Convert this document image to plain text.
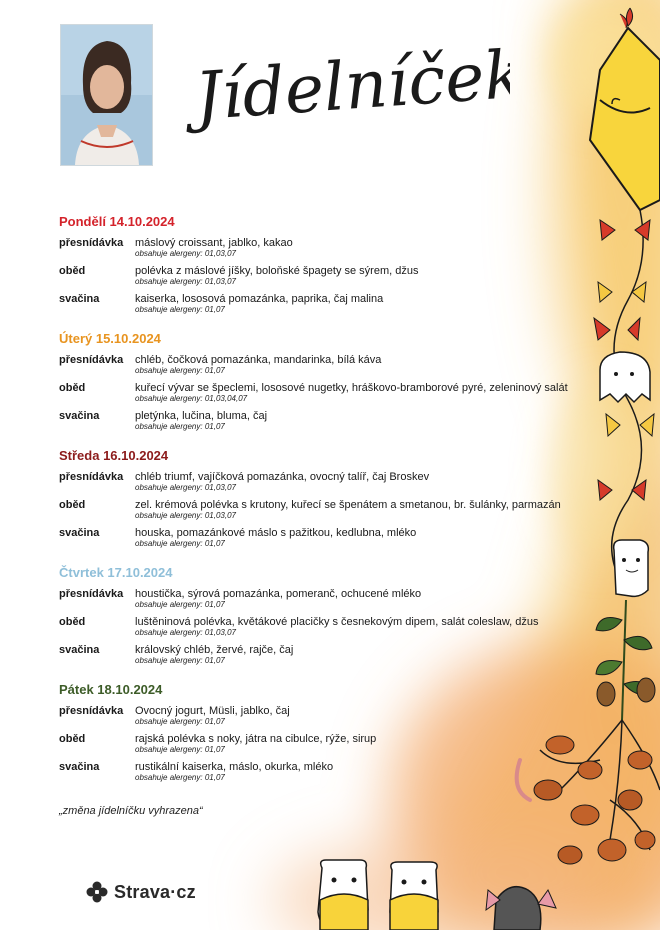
Jídelníček
Pondělí 14.10.2024
přesnídávka máslový croissant, jablko, kakao
obsahuje alergeny: 01,03,07
oběd	polévka z máslové jíšky, boloňské špagety se sýrem, džus
obsahuje alergeny: 01,03,07
svačina	kaiserka, lososová pomazánka, paprika, čaj malina
obsahuje alergeny: 01,07
Úterý 15.10.2024
přesnídávka chléb, čočková pomazánka, mandarinka, bílá káva
obsahuje alergeny: 01,07
oběd	kuřecí vývar se špeclemi, lososové nugetky, hráškovo-bramborové pyré, zeleninový salát
obsahuje alergeny: 01,03,04,07
svačina	pletýnka, lučina, bluma, čaj
obsahuje alergeny: 01,07
Středa 16.10.2024
přesnídávka chléb triumf, vajíčková pomazánka, ovocný talíř, čaj Broskev
obsahuje alergeny: 01,03,07
oběd	zel. krémová polévka s krutony, kuřecí se špenátem a smetanou, br. šulánky, parmazán
obsahuje alergeny: 01,03,07
svačina	houska, pomazánkové máslo s pažitkou, kedlubna, mléko
obsahuje alergeny: 01,07
Čtvrtek 17.10.2024
přesnídávka houstička, sýrová pomazánka, pomeranč, ochucené mléko
obsahuje alergeny: 01,07
oběd	luštěninová polévka, květákové placičky s česnekovým dipem, salát coleslaw, džus
obsahuje alergeny: 01,03,07
svačina	královský chléb, žervé, rajče, čaj
obsahuje alergeny: 01,07
Pátek 18.10.2024
přesnídávka Ovocný jogurt, Müsli, jablko, čaj
obsahuje alergeny: 01,07
oběd	rajská polévka s noky, játra na cibulce, rýže, sirup
obsahuje alergeny: 01,07
svačina	rustikální kaiserka, máslo, okurka, mléko
obsahuje alergeny: 01,07
„změna jídelníčku vyhrazena“
Strava·cz
